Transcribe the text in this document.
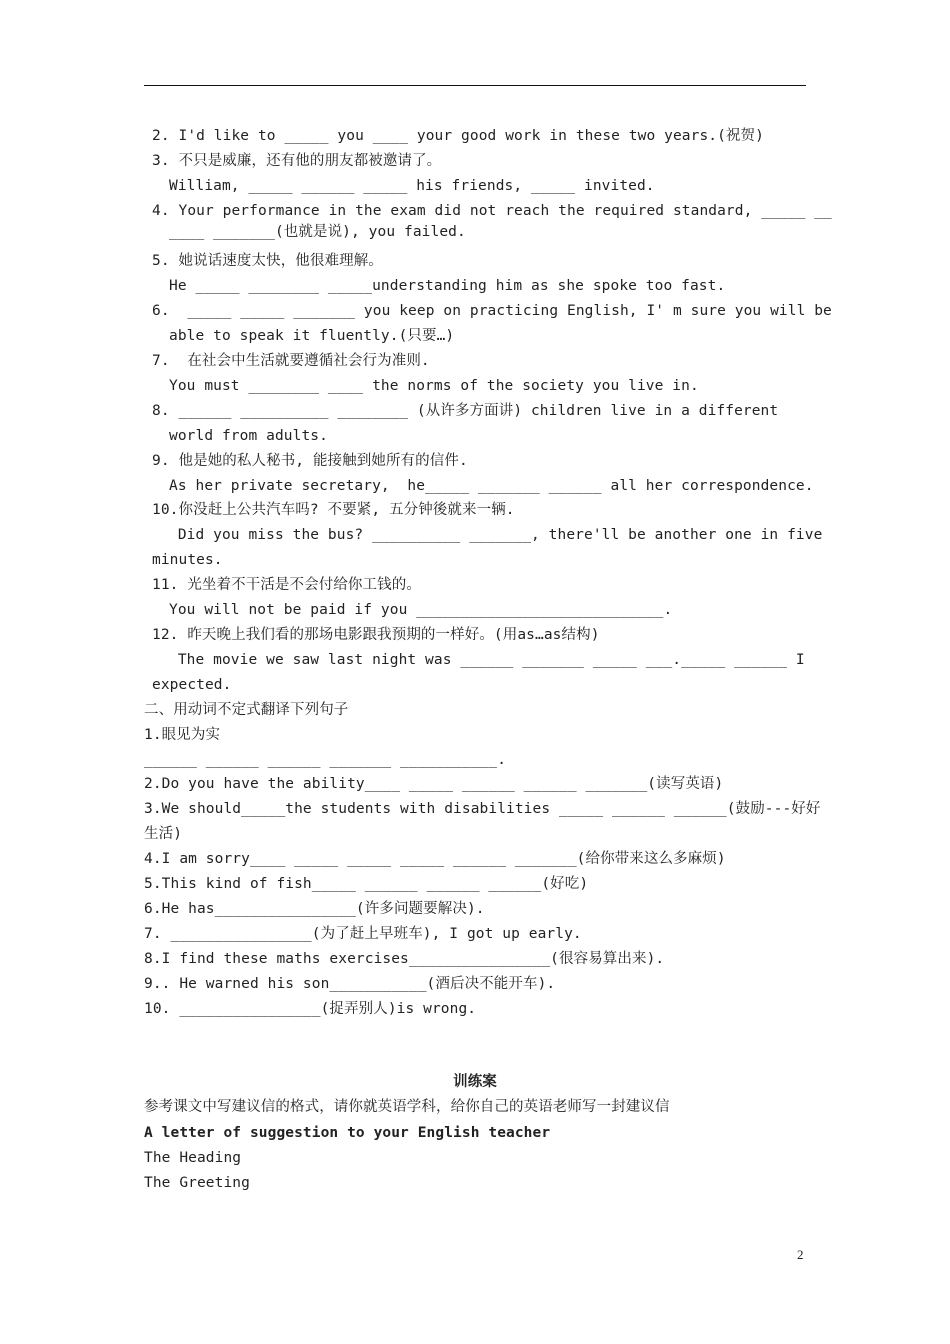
2. I'd like to _____ you ____ your good work in these two years.(祝贺)
3. 不只是威廉，还有他的朋友都被邀请了。
William, _____ ______ _____ his friends, _____ invited.
4. Your performance in the exam did not reach the required standard, _____ __
____ _______(也就是说), you failed.
5. 她说话速度太快，他很难理解。
He _____ ________ _____understanding him as she spoke too fast.
6.  _____ _____ _______ you keep on practicing English, I' m sure you will be
able to speak it fluently.(只要…)
7.  在社会中生活就要遵循社会行为准则.
You must ________ ____ the norms of the society you live in.
8. ______ __________ ________ (从许多方面讲) children live in a different
world from adults.
9. 他是她的私人秘书, 能接触到她所有的信件.
As her private secretary,  he_____ _______ ______ all her correspondence.
10.你没赶上公共汽车吗? 不要紧, 五分钟後就来一辆.
Did you miss the bus? __________ _______, there'll be another one in five
minutes.
11. 光坐着不干活是不会付给你工钱的。
You will not be paid if you ____________________________.
12. 昨天晚上我们看的那场电影跟我预期的一样好。(用as…as结构)
The movie we saw last night was ______ _______ _____ ___._____ ______ I
expected.
二、用动词不定式翻译下列句子
1.眼见为实
______ ______ ______ _______ ___________.
2.Do you have the ability____ _____ ______ ______ _______(读写英语)
3.We should_____the students with disabilities _____ ______ ______(鼓励---好好
生活)
4.I am sorry____ _____ _____ _____ ______ _______(给你带来这么多麻烦)
5.This kind of fish_____ ______ ______ ______(好吃)
6.He has________________(许多问题要解决).
7. ________________(为了赶上早班车), I got up early.
8.I find these maths exercises________________(很容易算出来).
9.. He warned his son___________(酒后决不能开车).
10. ________________(捉弄别人)is wrong.
训练案
参考课文中写建议信的格式，请你就英语学科，给你自己的英语老师写一封建议信
A letter of suggestion to your English teacher
The Heading
The Greeting
2
